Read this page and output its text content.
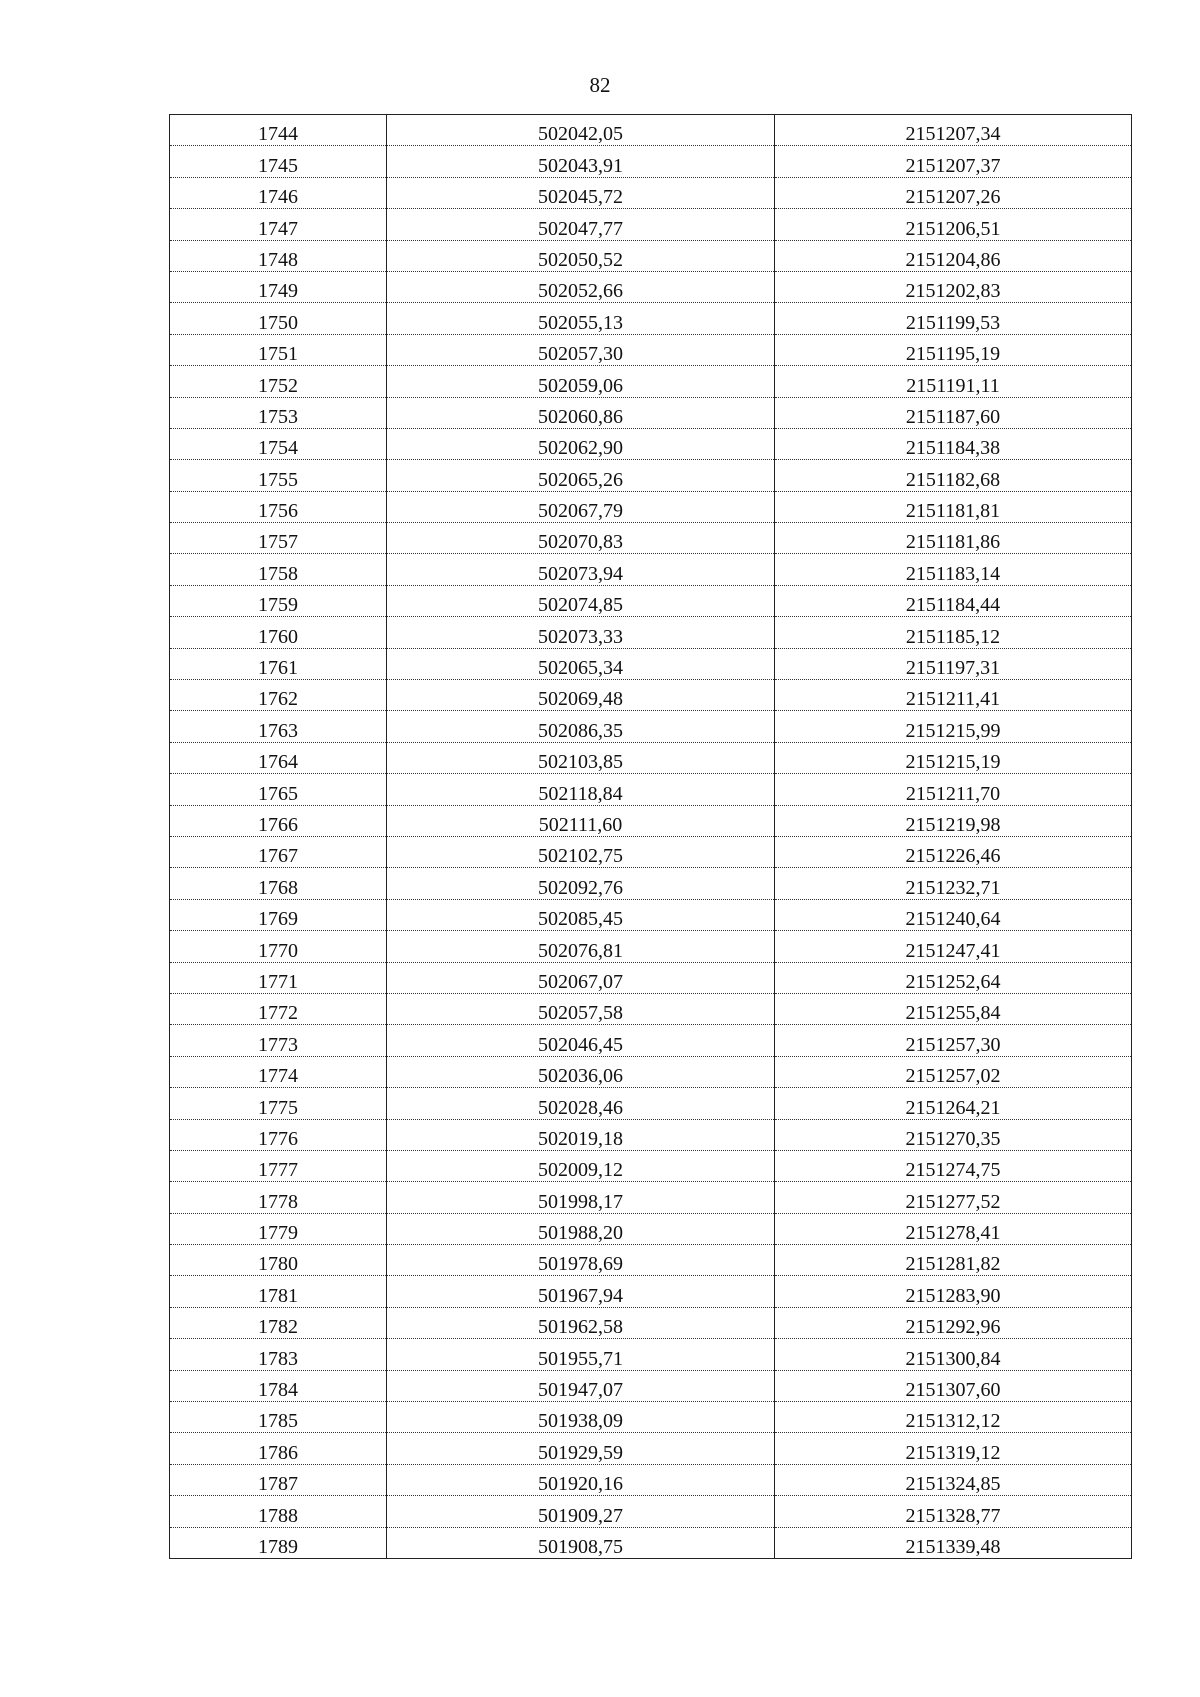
82
1744	502042,05	2151207,34
1745	502043,91	2151207,37
1746	502045,72	2151207,26
1747	502047,77	2151206,51
1748	502050,52	2151204,86
1749	502052,66	2151202,83
1750	502055,13	2151199,53
1751	502057,30	2151195,19
1752	502059,06	2151191,11
1753	502060,86	2151187,60
1754	502062,90	2151184,38
1755	502065,26	2151182,68
1756	502067,79	2151181,81
1757	502070,83	2151181,86
1758	502073,94	2151183,14
1759	502074,85	2151184,44
1760	502073,33	2151185,12
1761	502065,34	2151197,31
1762	502069,48	2151211,41
1763	502086,35	2151215,99
1764	502103,85	2151215,19
1765	502118,84	2151211,70
1766	502111,60	2151219,98
1767	502102,75	2151226,46
1768	502092,76	2151232,71
1769	502085,45	2151240,64
1770	502076,81	2151247,41
1771	502067,07	2151252,64
1772	502057,58	2151255,84
1773	502046,45	2151257,30
1774	502036,06	2151257,02
1775	502028,46	2151264,21
1776	502019,18	2151270,35
1777	502009,12	2151274,75
1778	501998,17	2151277,52
1779	501988,20	2151278,41
1780	501978,69	2151281,82
1781	501967,94	2151283,90
1782	501962,58	2151292,96
1783	501955,71	2151300,84
1784	501947,07	2151307,60
1785	501938,09	2151312,12
1786	501929,59	2151319,12
1787	501920,16	2151324,85
1788	501909,27	2151328,77
1789	501908,75	2151339,48
